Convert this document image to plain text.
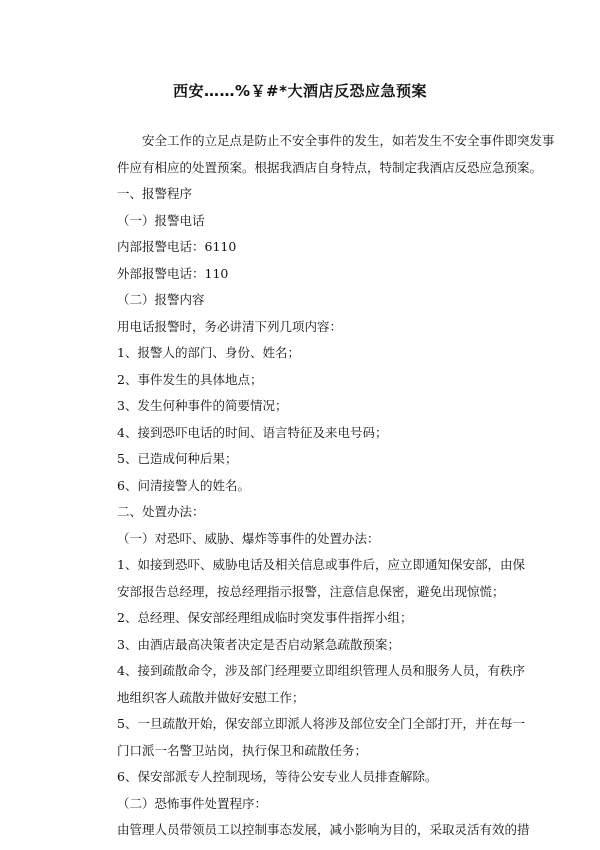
西安……%￥#*大酒店反恐应急预案
安全工作的立足点是防止不安全事件的发生，如若发生不安全事件即突发事
件应有相应的处置预案。根据我酒店自身特点，特制定我酒店反恐应急预案。
一、报警程序
（一）报警电话
内部报警电话：6110
外部报警电话：110
（二）报警内容
用电话报警时，务必讲清下列几项内容：
1、报警人的部门、身份、姓名；
2、事件发生的具体地点；
3、发生何种事件的简要情况；
4、接到恐吓电话的时间、语言特征及来电号码；
5、已造成何种后果；
6、问清接警人的姓名。
二、处置办法：
（一）对恐吓、威胁、爆炸等事件的处置办法：
1、如接到恐吓、威胁电话及相关信息或事件后，应立即通知保安部，由保
安部报告总经理，按总经理指示报警，注意信息保密，避免出现惊慌；
2、总经理、保安部经理组成临时突发事件指挥小组；
3、由酒店最高决策者决定是否启动紧急疏散预案；
4、接到疏散命令，涉及部门经理要立即组织管理人员和服务人员，有秩序
地组织客人疏散并做好安慰工作；
5、一旦疏散开始，保安部立即派人将涉及部位安全门全部打开，并在每一
门口派一名警卫站岗，执行保卫和疏散任务；
6、保安部派专人控制现场，等待公安专业人员排查解除。
（二）恐怖事件处置程序：
由管理人员带领员工以控制事态发展，减小影响为目的，采取灵活有效的措
